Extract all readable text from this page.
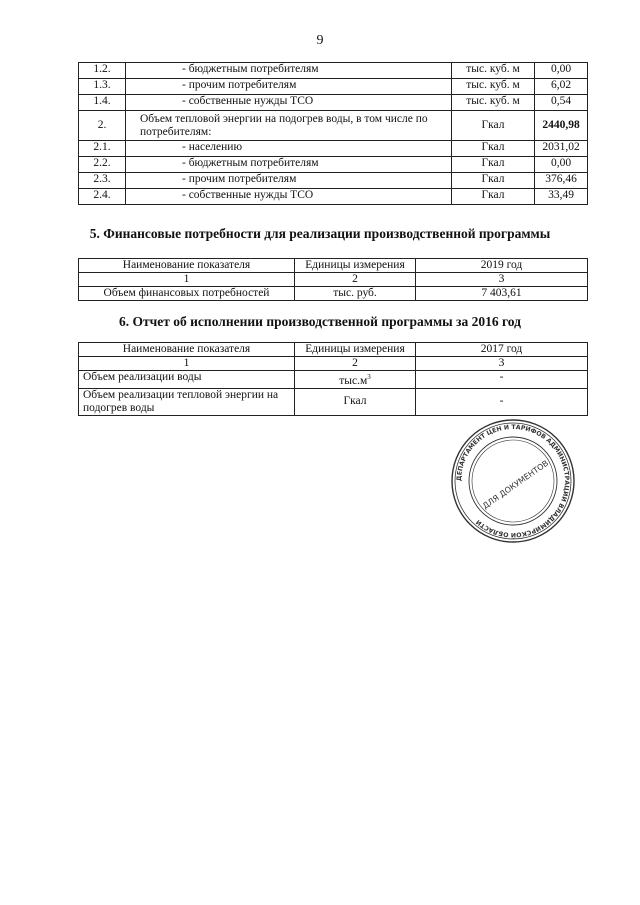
9
1.2.	- бюджетным потребителям	тыс. куб. м	0,00
1.3.	- прочим потребителям	тыс. куб. м	6,02
1.4.	- собственные нужды ТСО	тыс. куб. м	0,54
2.	Объем тепловой энергии на подогрев воды, в том числе по потребителям:	Гкал	2440,98
2.1.	- населению	Гкал	2031,02
2.2.	- бюджетным потребителям	Гкал	0,00
2.3.	- прочим потребителям	Гкал	376,46
2.4.	- собственные нужды ТСО	Гкал	33,49
5. Финансовые потребности для реализации производственной программы
Наименование показателя	Единицы измерения	2019 год
1	2	3
Объем финансовых потребностей	тыс. руб.	7 403,61
6. Отчет об исполнении производственной программы за 2016 год
Наименование показателя	Единицы измерения	2017 год
1	2	3
Объем реализации воды	$тыс.м^3$	-
Объем реализации тепловой энергии на подогрев воды	Гкал	-
ДЕПАРТАМЕНТ ЦЕН И ТАРИФОВ АДМИНИСТРАЦИИ ВЛАДИМИРСКОЙ ОБЛАСТИ
ДЛЯ ДОКУМЕНТОВ
